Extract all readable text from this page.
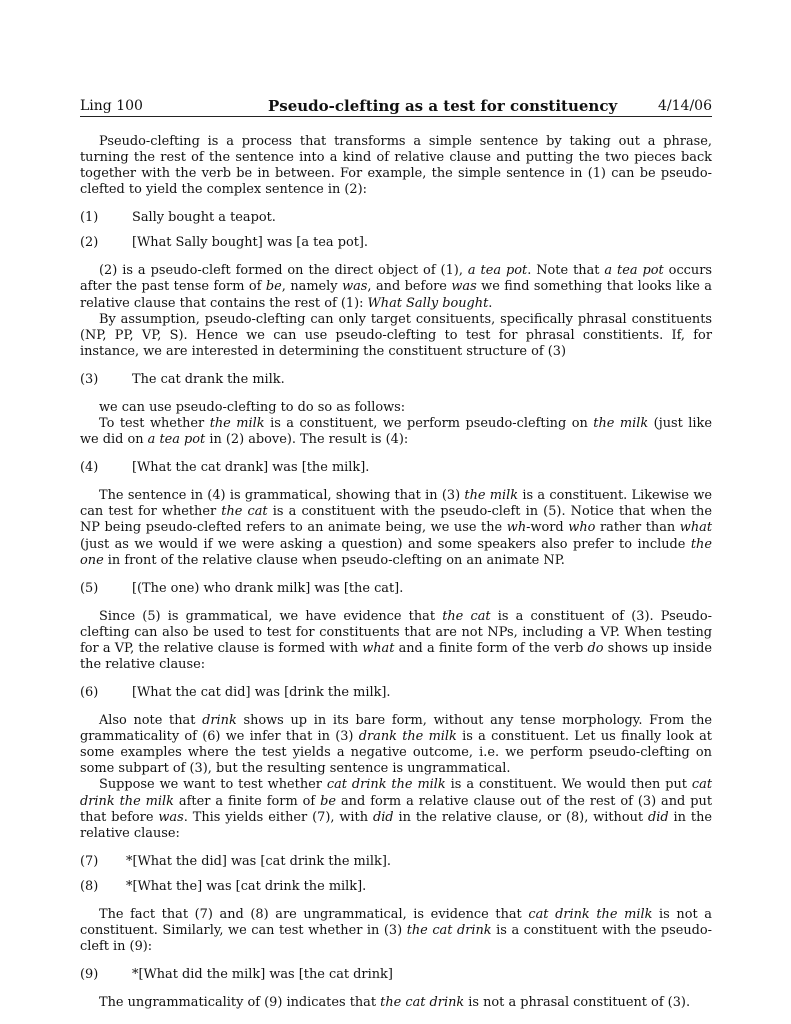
Ling 100	Pseudo-clefting as a test for constituency	4/14/06

Pseudo-clefting is a process that transforms a simple sentence by taking out a phrase, turning the rest of the sentence into a kind of relative clause and putting the two pieces back together with the verb be in between. For example, the simple sentence in (1) can be pseudo-clefted to yield the complex sentence in (2):

(1)	Sally bought a teapot.
(2)	[What Sally bought] was [a tea pot].

(2) is a pseudo-cleft formed on the direct object of (1), a tea pot. Note that a tea pot occurs after the past tense form of be, namely was, and before was we find something that looks like a relative clause that contains the rest of (1): What Sally bought.

By assumption, pseudo-clefting can only target consituents, specifically phrasal constituents (NP, PP, VP, S). Hence we can use pseudo-clefting to test for phrasal constitients. If, for instance, we are interested in determining the constituent structure of (3)

(3)	The cat drank the milk.

we can use pseudo-clefting to do so as follows:

To test whether the milk is a constituent, we perform pseudo-clefting on the milk (just like we did on a tea pot in (2) above). The result is (4):

(4)	[What the cat drank] was [the milk].

The sentence in (4) is grammatical, showing that in (3) the milk is a constituent. Likewise we can test for whether the cat is a constituent with the pseudo-cleft in (5). Notice that when the NP being pseudo-clefted refers to an animate being, we use the wh-word who rather than what (just as we would if we were asking a question) and some speakers also prefer to include the one in front of the relative clause when pseudo-clefting on an animate NP.

(5)	[(The one) who drank milk] was [the cat].

Since (5) is grammatical, we have evidence that the cat is a constituent of (3). Pseudo-clefting can also be used to test for constituents that are not NPs, including a VP. When testing for a VP, the relative clause is formed with what and a finite form of the verb do shows up inside the relative clause:

(6)	[What the cat did] was [drink the milk].

Also note that drink shows up in its bare form, without any tense morphology. From the grammaticality of (6) we infer that in (3) drank the milk is a constituent. Let us finally look at some examples where the test yields a negative outcome, i.e. we perform pseudo-clefting on some subpart of (3), but the resulting sentence is ungrammatical.

Suppose we want to test whether cat drink the milk is a constituent. We would then put cat drink the milk after a finite form of be and form a relative clause out of the rest of (3) and put that before was. This yields either (7), with did in the relative clause, or (8), without did in the relative clause:

(7) *[What the did] was [cat drink the milk].
(8) *[What the] was [cat drink the milk].

The fact that (7) and (8) are ungrammatical, is evidence that cat drink the milk is not a constituent. Similarly, we can test whether in (3) the cat drink is a constituent with the pseudo-cleft in (9):

(9)	*[What did the milk] was [the cat drink]

The ungrammaticality of (9) indicates that the cat drink is not a phrasal constituent of (3).
